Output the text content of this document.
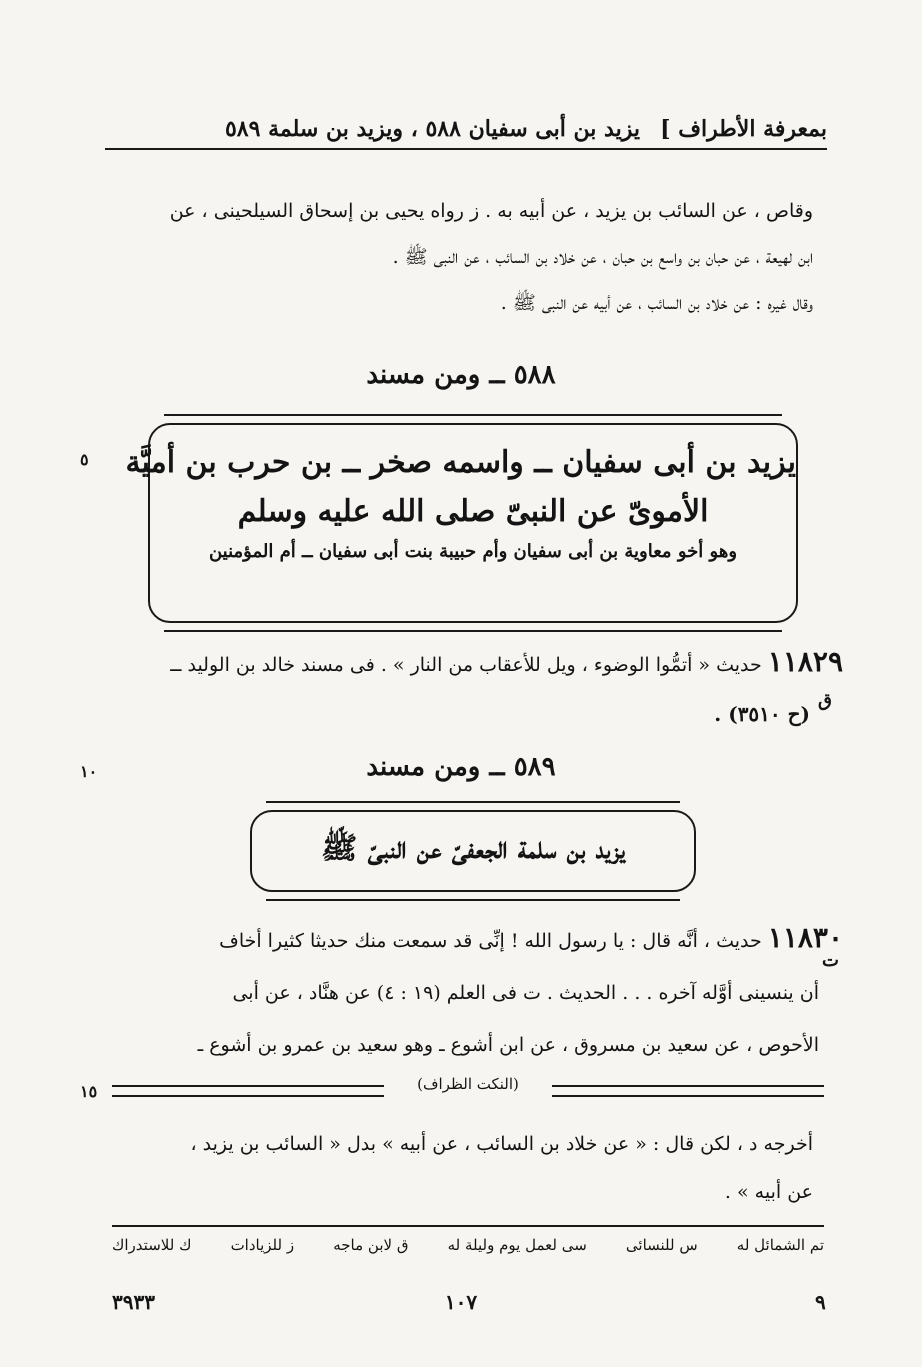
بمعرفة الأطراف ]
يزيد بن أبى سفيان ٥٨٨ ، ويزيد بن سلمة ٥٨٩

وقاص ، عن السائب بن يزيد ، عن أبيه به . ز رواه يحيى بن إسحاق السيلحينى ، عن

ابن لهيعة ، عن حبان بن واسع بن حبان ، عن خلاد بن السائب ، عن النبى ﷺ .

وقال غيره : عن خلاد بن السائب ، عن أبيه عن النبى ﷺ .

٥٨٨ ــ ومن مسند
٥ يزيد بن أبى سفيان ــ واسمه صخر ــ بن حرب بن أميَّة
الأموىّ عن النبىّ صلى الله عليه وسلم
وهو أخو معاوية بن أبى سفيان وأم حبيبة بنت أبى سفيان ــ أم المؤمنين
١١٨٢٩ حديث « أتمُّوا الوضوء ، ويل للأعقاب من النار » . فى مسند خالد بن الوليد ــ
ق
(ح ٣٥١٠) .
٥٨٩ ــ ومن مسند
١٠
يزيد بن سلمة الجعفىّ عن النبىّ ﷺ

١١٨٣٠ حديث ، أنَّه قال : يا رسول الله ! إنِّى قد سمعت منك حديثا كثيرا أخاف

أن ينسينى أوَّله آخره . . . الحديث . ت فى العلم (١٩ : ٤) عن هنَّاد ، عن أبى

الأحوص ، عن سعيد بن مسروق ، عن ابن أشوع ـ وهو سعيد بن عمرو بن أشوع ـ

ت
١٥	(النكت الظراف)

أخرجه د ، لكن قال : « عن خلاد بن السائب ، عن أبيه » بدل « السائب بن يزيد ،

عن أبيه » .

تم الشمائل له
س للنسائى
سى لعمل يوم وليلة له
ق لابن ماجه
ز للزيادات
ك للاستدراك
٩
١٠٧
٣٩٣٣
